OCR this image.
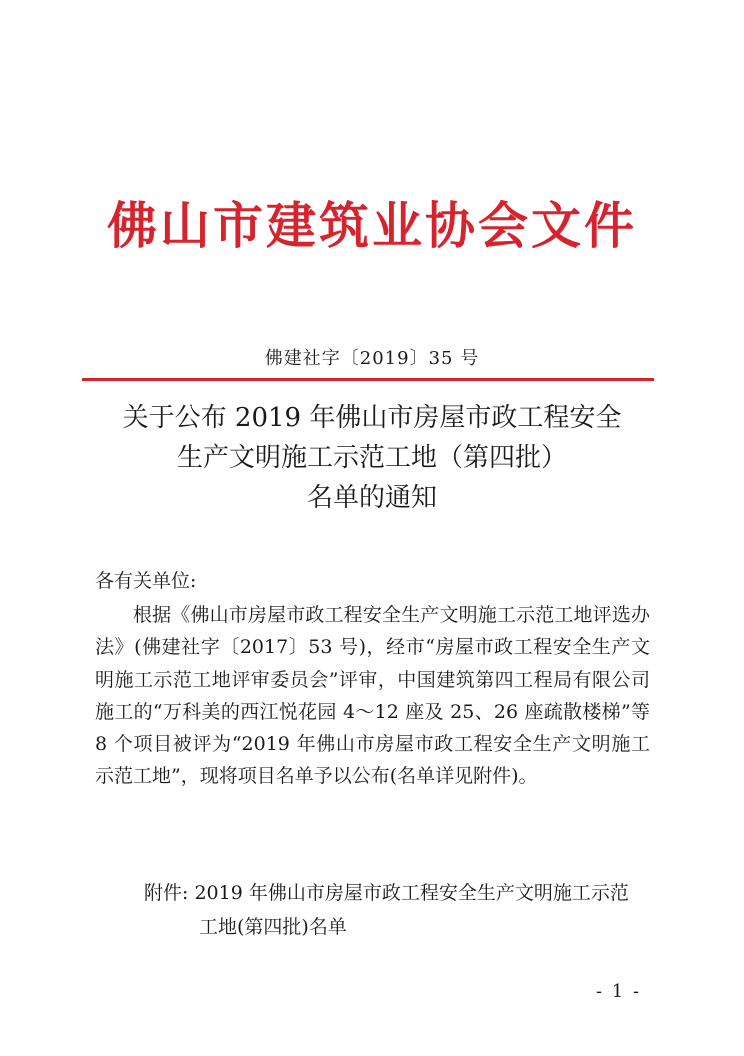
佛山市建筑业协会文件
佛建社字〔2019〕35 号
关于公布 2019 年佛山市房屋市政工程安全
生产文明施工示范工地（第四批）
名单的通知
各有关单位:

根据《佛山市房屋市政工程安全生产文明施工示范工地评选办法》(佛建社字〔2017〕53 号)，经市“房屋市政工程安全生产文明施工示范工地评审委员会”评审，中国建筑第四工程局有限公司施工的“万科美的西江悦花园 4～12 座及 25、26 座疏散楼梯”等 8 个项目被评为“2019 年佛山市房屋市政工程安全生产文明施工示范工地”，现将项目名单予以公布(名单详见附件)。

附件: 2019 年佛山市房屋市政工程安全生产文明施工示范
工地(第四批)名单
- 1 -
